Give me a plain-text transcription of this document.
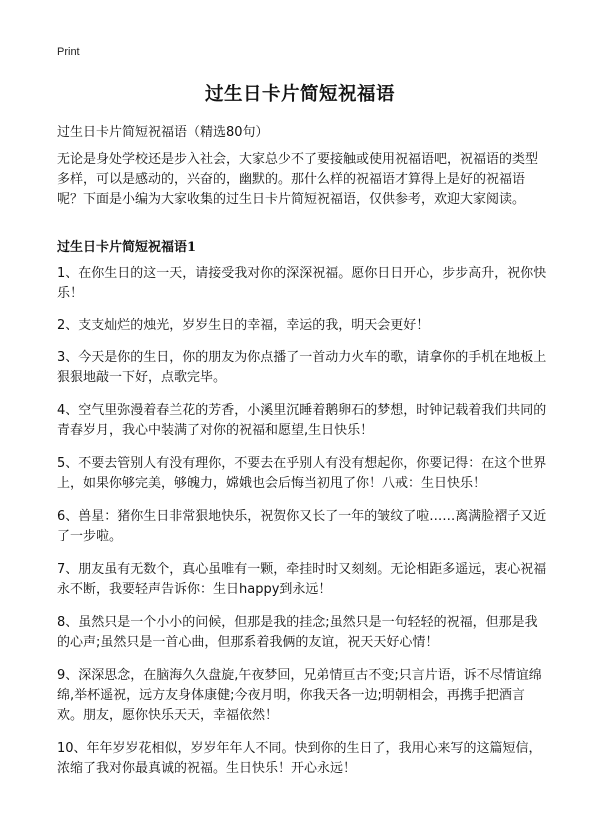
Print
过生日卡片简短祝福语

过生日卡片简短祝福语（精选80句）

无论是身处学校还是步入社会，大家总少不了要接触或使用祝福语吧，祝福语的类型多样，可以是感动的，兴奋的，幽默的。那什么样的祝福语才算得上是好的祝福语呢？下面是小编为大家收集的过生日卡片简短祝福语，仅供参考，欢迎大家阅读。

过生日卡片简短祝福语1
1、在你生日的这一天，请接受我对你的深深祝福。愿你日日开心，步步高升，祝你快乐！
2、支支灿烂的烛光，岁岁生日的幸福，幸运的我，明天会更好！
3、今天是你的生日，你的朋友为你点播了一首动力火车的歌，请拿你的手机在地板上狠狠地敲一下好，点歌完毕。
4、空气里弥漫着春兰花的芳香，小溪里沉睡着鹅卵石的梦想，时钟记载着我们共同的青春岁月，我心中装满了对你的祝福和愿望,生日快乐！
5、不要去管别人有没有理你，不要去在乎别人有没有想起你，你要记得：在这个世界上，如果你够完美，够魄力，嫦娥也会后悔当初甩了你！八戒：生日快乐！
6、兽星：猪你生日非常狠地快乐，祝贺你又长了一年的皱纹了啦……离满脸褶子又近了一步啦。
7、朋友虽有无数个，真心虽唯有一颗，牵挂时时又刻刻。无论相距多遥远，衷心祝福永不断，我要轻声告诉你：生日happy到永远！
8、虽然只是一个小小的问候，但那是我的挂念;虽然只是一句轻轻的祝福，但那是我的心声;虽然只是一首心曲，但那系着我俩的友谊，祝天天好心情！
9、深深思念，在脑海久久盘旋,午夜梦回，兄弟情亘古不变;只言片语，诉不尽情谊绵绵,举杯遥祝，远方友身体康健;今夜月明，你我天各一边;明朝相会，再携手把酒言欢。朋友，愿你快乐天天，幸福依然！
10、年年岁岁花相似，岁岁年年人不同。快到你的生日了，我用心来写的这篇短信，浓缩了我对你最真诚的祝福。生日快乐！开心永远！
